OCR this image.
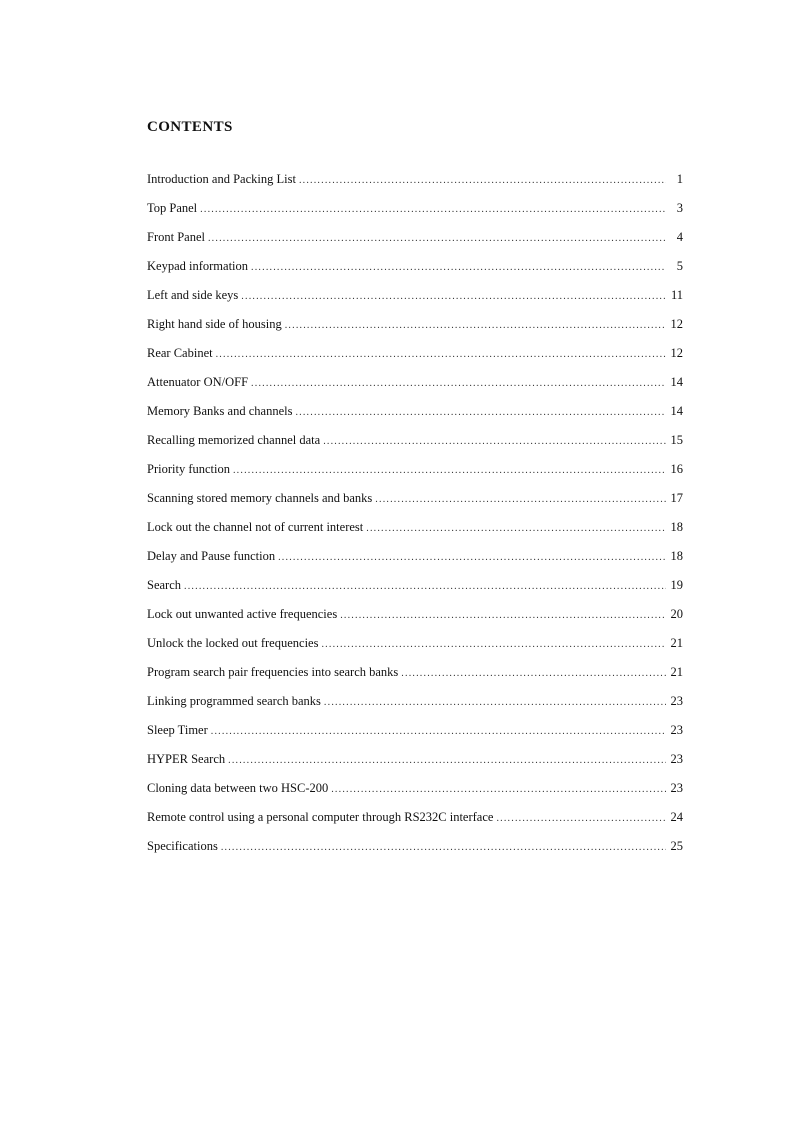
CONTENTS
Introduction and Packing List .....	1
Top Panel .....	3
Front Panel .....	4
Keypad information .....	5
Left and side keys .....	11
Right hand side of housing .....	12
Rear Cabinet .....	12
Attenuator ON/OFF .....	14
Memory Banks and channels .....	14
Recalling memorized channel data .....	15
Priority function .....	16
Scanning stored memory channels and banks .....	17
Lock out the channel not of current interest .....	18
Delay and Pause function .....	18
Search .....	19
Lock out unwanted active frequencies .....	20
Unlock the locked out frequencies .....	21
Program search pair frequencies into search banks .....	21
Linking programmed search banks .....	23
Sleep Timer .....	23
HYPER Search .....	23
Cloning data between two HSC-200 .....	23
Remote control using a personal computer through RS232C interface .....	24
Specifications .....	25
